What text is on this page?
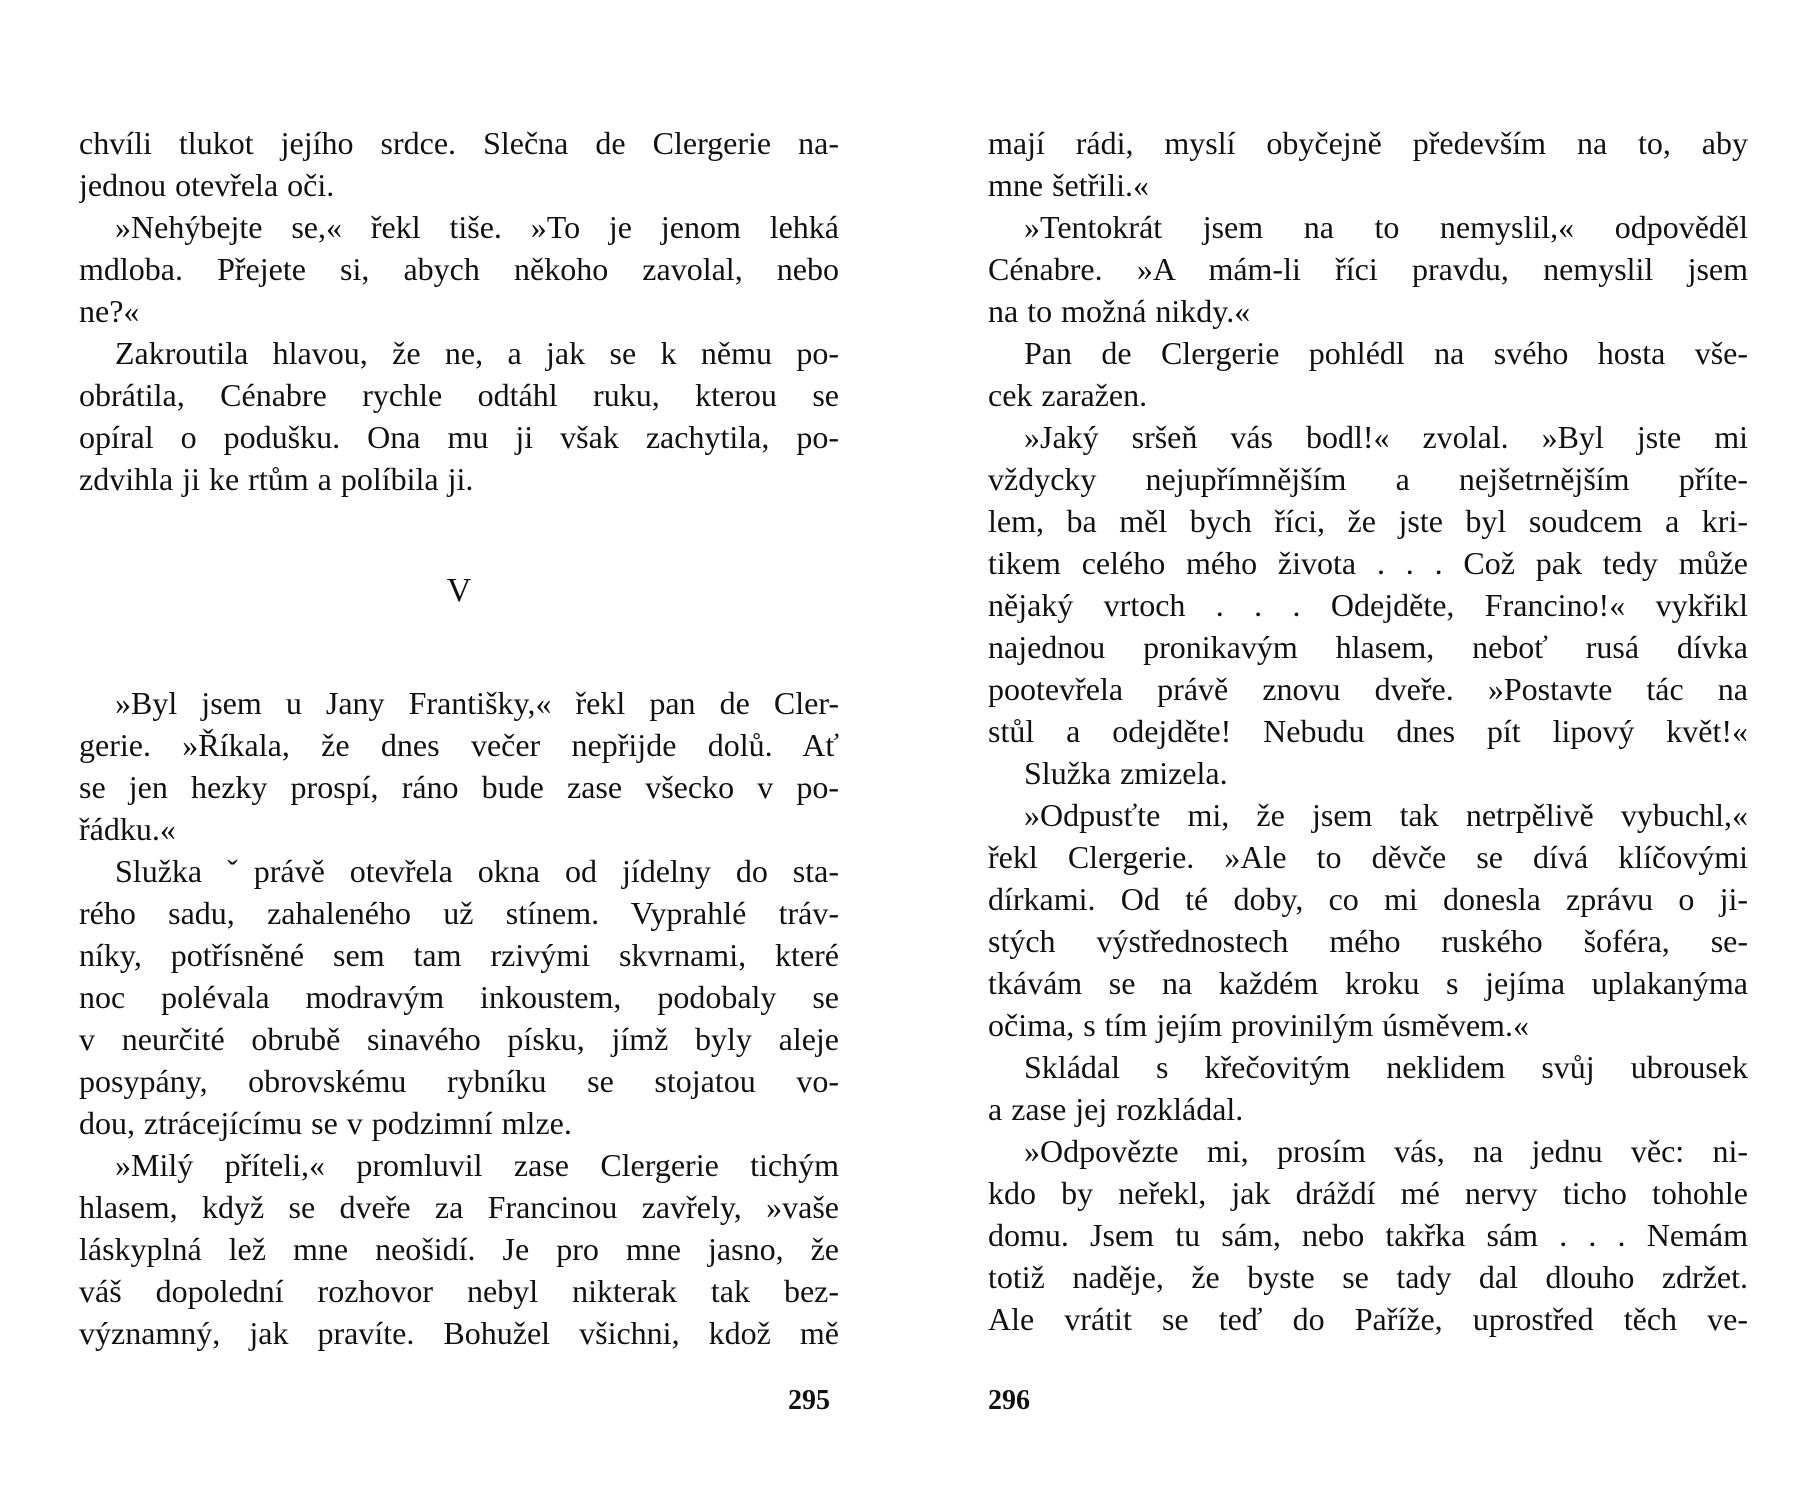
chvíli tlukot jejího srdce. Slečna de Clergerie na-
jednou otevřela oči.
»Nehýbejte se,« řekl tiše. »To je jenom lehká
mdloba. Přejete si, abych někoho zavolal, nebo
ne?«
Zakroutila hlavou, že ne, a jak se k němu po-
obrátila, Cénabre rychle odtáhl ruku, kterou se
opíral o podušku. Ona mu ji však zachytila, po-
zdvihla ji ke rtům a políbila ji.
V
»Byl jsem u Jany Františky,« řekl pan de Cler-
gerie. »Říkala, že dnes večer nepřijde dolů. Ať
se jen hezky prospí, ráno bude zase všecko v po-
řádku.«
Služka ˇprávě otevřela okna od jídelny do sta-
rého sadu, zahaleného už stínem. Vyprahlé tráv-
níky, potřísněné sem tam rzivými skvrnami, které
noc polévala modravým inkoustem, podobaly se
v neurčité obrubě sinavého písku, jímž byly aleje
posypány, obrovskému rybníku se stojatou vo-
dou, ztrácejícímu se v podzimní mlze.
»Milý příteli,« promluvil zase Clergerie tichým
hlasem, když se dveře za Francinou zavřely, »vaše
láskyplná lež mne neošidí. Je pro mne jasno, že
váš dopolední rozhovor nebyl nikterak tak bez-
významný, jak pravíte. Bohužel všichni, kdož mě
mají rádi, myslí obyčejně především na to, aby
mne šetřili.«
»Tentokrát jsem na to nemyslil,« odpověděl
Cénabre. »A mám-li říci pravdu, nemyslil jsem
na to možná nikdy.«
Pan de Clergerie pohlédl na svého hosta vše-
cek zaražen.
»Jaký sršeň vás bodl!« zvolal. »Byl jste mi
vždycky nejupřímnějším a nejšetrnějším přítе-
lem, ba měl bych říci, že jste byl soudcem a kri-
tikem celého mého života . . . Což pak tedy může
nějaký vrtoch . . . Odejděte, Francino!« vykřikl
najednou pronikavým hlasem, neboť rusá dívka
pootevřela právě znovu dveře. »Postavte tác na
stůl a odejděte! Nebudu dnes pít lipový květ!«
Služka zmizela.
»Odpusťte mi, že jsem tak netrpělivě vybuchl,«
řekl Clergerie. »Ale to děvče se dívá klíčovými
dírkami. Od té doby, co mi donesla zprávu o ji-
stých výstřednostech mého ruského šoféra, se-
tkávám se na každém kroku s jejíma uplakanýma
očima, s tím jejím provinilým úsměvem.«
Skládal s křečovitým neklidem svůj ubrousek
a zase jej rozkládal.
»Odpovězte mi, prosím vás, na jednu věc: ni-
kdo by neřekl, jak dráždí mé nervy ticho tohohle
domu. Jsem tu sám, nebo takřka sám . . . Nemám
totiž naděje, že byste se tady dal dlouho zdržet.
Ale vrátit se teď do Paříže, uprostřed těch ve-
295	296
